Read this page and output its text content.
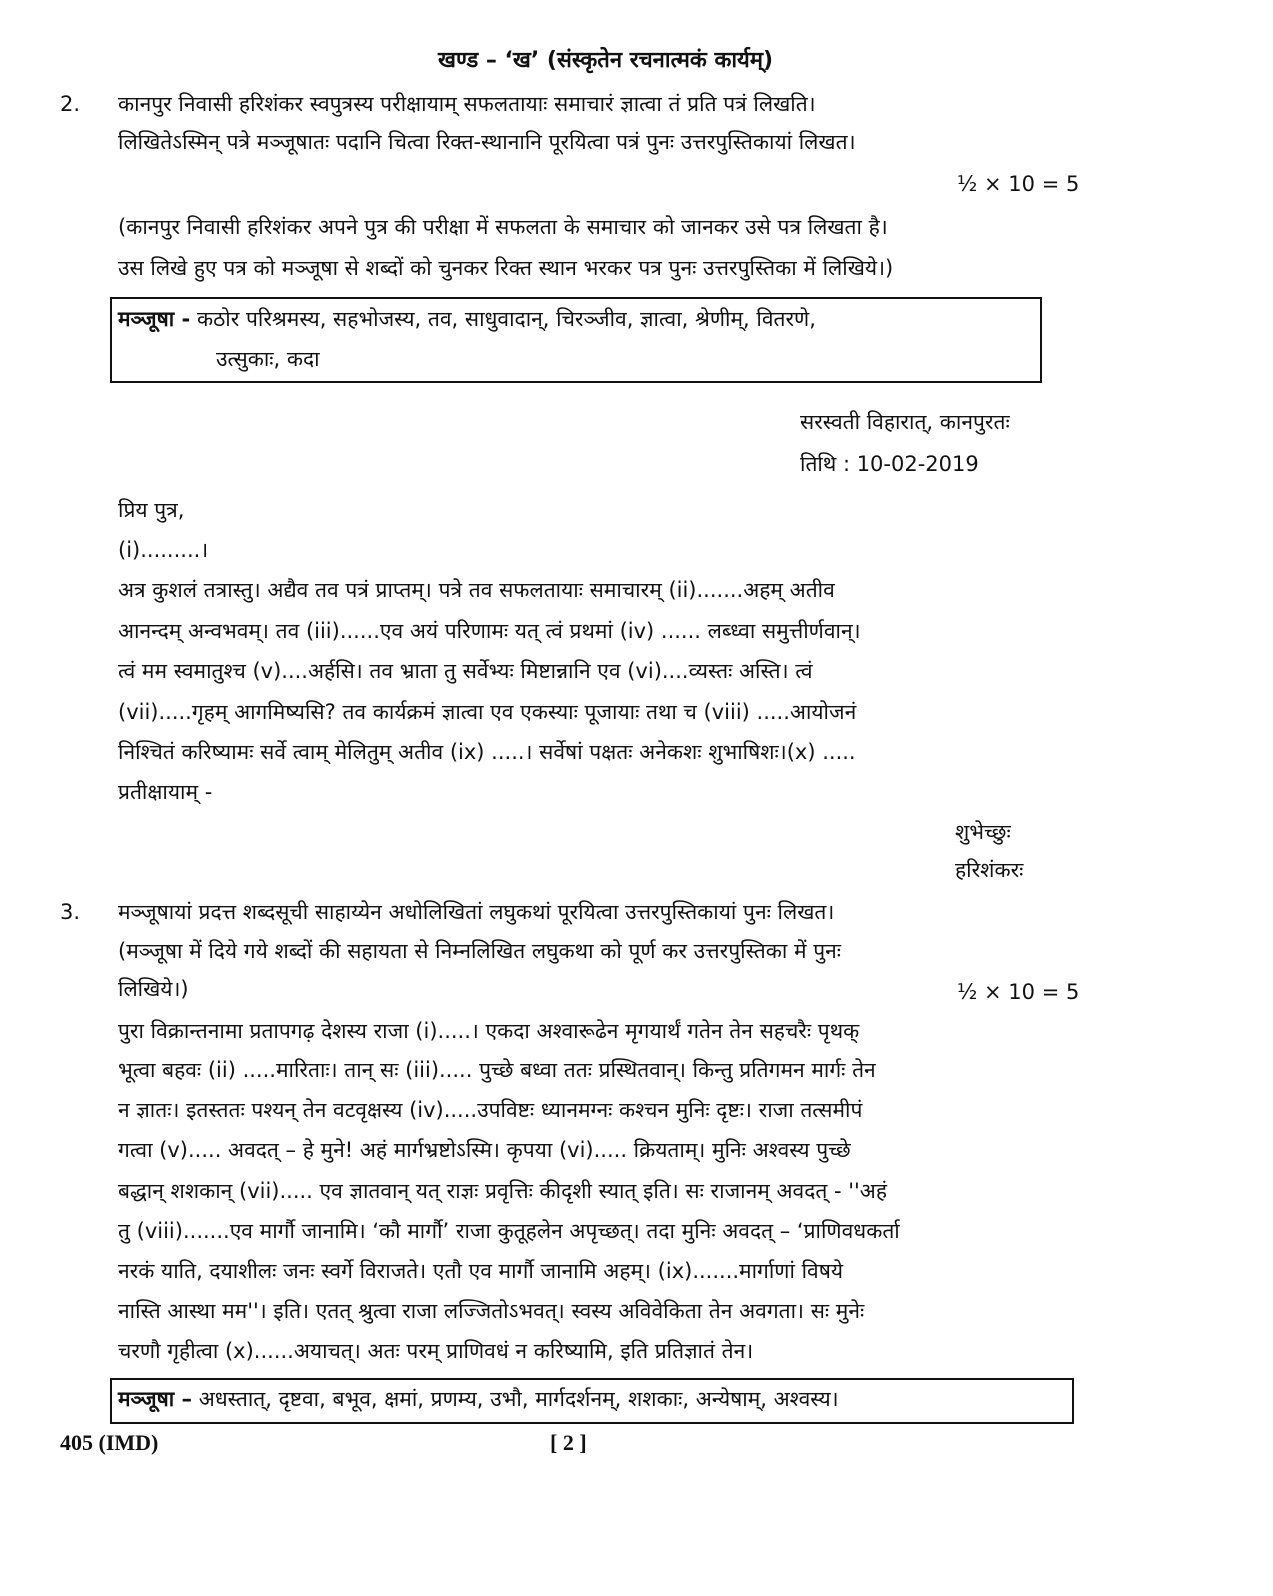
खण्ड – ‘ख’ (संस्कृतेन रचनात्मकं कार्यम्)
2. कानपुर निवासी हरिशंकर स्वपुत्रस्य परीक्षायाम् सफलतायाः समाचारं ज्ञात्वा तं प्रति पत्रं लिखति।
लिखितेऽस्मिन् पत्रे मञ्जूषातः पदानि चित्वा रिक्त-स्थानानि पूरयित्वा पत्रं पुनः उत्तरपुस्तिकायां लिखत।
½ × 10 = 5
(कानपुर निवासी हरिशंकर अपने पुत्र की परीक्षा में सफलता के समाचार को जानकर उसे पत्र लिखता है।
उस लिखे हुए पत्र को मञ्जूषा से शब्दों को चुनकर रिक्त स्थान भरकर पत्र पुनः उत्तरपुस्तिका में लिखिये।)
मञ्जूषा - कठोर परिश्रमस्य, सहभोजस्य, तव, साधुवादान्, चिरञ्जीव, ज्ञात्वा, श्रेणीम्, वितरणे,
उत्सुकाः, कदा
सरस्वती विहारात्, कानपुरतः
तिथि : 10-02-2019
प्रिय पुत्र,
(i).........।
अत्र कुशलं तत्रास्तु। अद्यैव तव पत्रं प्राप्तम्। पत्रे तव सफलतायाः समाचारम् (ii).......अहम् अतीव
आनन्दम् अन्वभवम्। तव (iii)......एव अयं परिणामः यत् त्वं प्रथमां (iv) ...... लब्ध्वा समुत्तीर्णवान्।
त्वं मम स्वमातुश्च (v)....अर्हसि। तव भ्राता तु सर्वेभ्यः मिष्टान्नानि एव (vi)....व्यस्तः अस्ति। त्वं
(vii).....गृहम् आगमिष्यसि? तव कार्यक्रमं ज्ञात्वा एव एकस्याः पूजायाः तथा च (viii) .....आयोजनं
निश्चितं करिष्यामः सर्वे त्वाम् मेलितुम् अतीव (ix) .....। सर्वेषां पक्षतः अनेकशः शुभाषिशः।(x) .....
प्रतीक्षायाम् -
शुभेच्छुः
हरिशंकरः
3. मञ्जूषायां प्रदत्त शब्दसूची साहाय्येन अधोलिखितां लघुकथां पूरयित्वा उत्तरपुस्तिकायां पुनः लिखत।
(मञ्जूषा में दिये गये शब्दों की सहायता से निम्नलिखित लघुकथा को पूर्ण कर उत्तरपुस्तिका में पुनः
लिखिये।)	½ × 10 = 5
पुरा विक्रान्तनामा प्रतापगढ़ देशस्य राजा (i).....। एकदा अश्वारूढेन मृगयार्थं गतेन तेन सहचरैः पृथक्
भूत्वा बहवः (ii) .....मारिताः। तान् सः (iii)..... पुच्छे बध्वा ततः प्रस्थितवान्। किन्तु प्रतिगमन मार्गः तेन
न ज्ञातः। इतस्ततः पश्यन् तेन वटवृक्षस्य (iv).....उपविष्टः ध्यानमग्नः कश्चन मुनिः दृष्टः। राजा तत्समीपं
गत्वा (v)..... अवदत् – हे मुने! अहं मार्गभ्रष्टोऽस्मि। कृपया (vi)..... क्रियताम्। मुनिः अश्वस्य पुच्छे
बद्धान् शशकान् (vii)..... एव ज्ञातवान् यत् राज्ञः प्रवृत्तिः कीदृशी स्यात् इति। सः राजानम् अवदत् - ''अहं
तु (viii).......एव मार्गौ जानामि। ‘कौ मार्गौ’ राजा कुतूहलेन अपृच्छत्। तदा मुनिः अवदत् – ‘प्राणिवधकर्ता
नरकं याति, दयाशीलः जनः स्वर्गे विराजते। एतौ एव मार्गौ जानामि अहम्। (ix).......मार्गाणां विषये
नास्ति आस्था मम''। इति। एतत् श्रुत्वा राजा लज्जितोऽभवत्। स्वस्य अविवेकिता तेन अवगता। सः मुनेः
चरणौ गृहीत्वा (x)......अयाचत्। अतः परम् प्राणिवधं न करिष्यामि, इति प्रतिज्ञातं तेन।
मञ्जूषा – अधस्तात्, दृष्टवा, बभूव, क्षमां, प्रणम्य, उभौ, मार्गदर्शनम्, शशकाः, अन्येषाम्, अश्वस्य।
405 (IMD)	[ 2 ]
